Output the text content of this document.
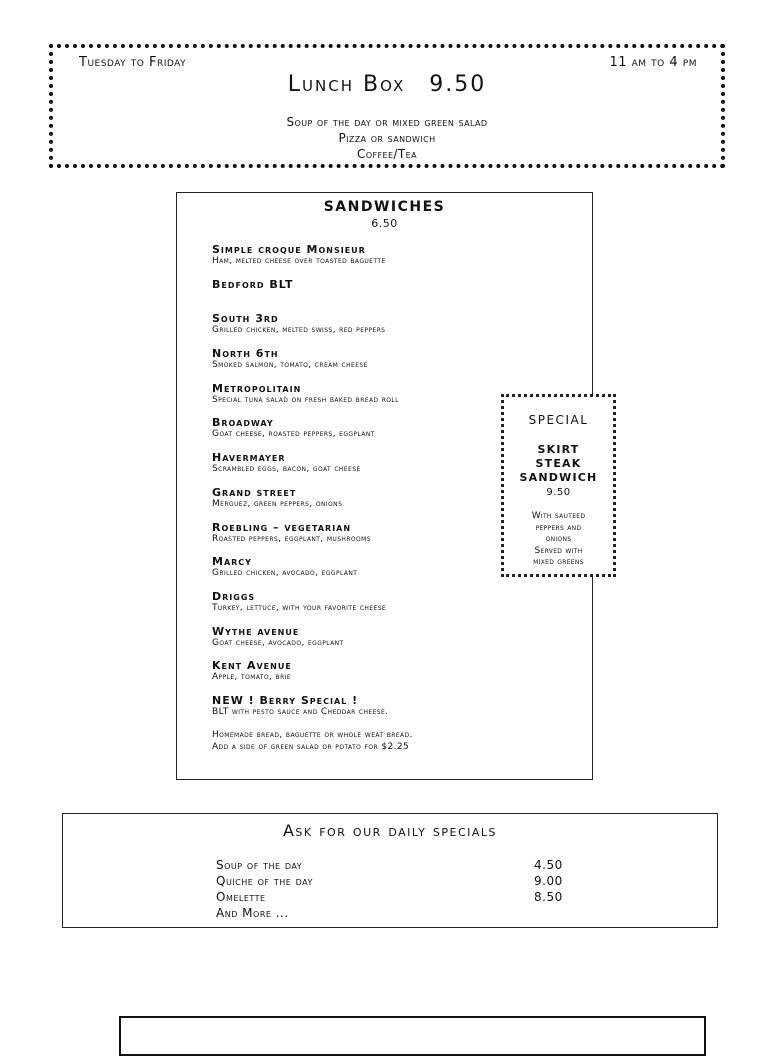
Tuesday to Friday	11 am to 4 pm
Lunch Box 9.50
Soup of the day or mixed green salad
Pizza or sandwich
Coffee/Tea
SANDWICHES
6.50
Simple croque Monsieur
Ham, melted cheese over toasted baguette
Bedford BLT
South 3rd
Grilled chicken, melted swiss, red peppers
North 6th
Smoked salmon, tomato, cream cheese
Metropolitain
Special tuna salad on fresh baked bread roll
Broadway
Goat cheese, roasted peppers, eggplant
Havermayer
Scrambled eggs, bacon, goat cheese
Grand street
Merguez, green peppers, onions
Roebling – vegetarian
Roasted peppers, eggplant, mushrooms
Marcy
Grilled chicken, avocado, eggplant
Driggs
Turkey, lettuce, with your favorite cheese
Wythe avenue
Goat cheese, avocado, eggplant
Kent Avenue
Apple, tomato, brie
NEW ! Berry Special !
BLT with pesto sauce and Cheddar cheese.
Homemade bread, baguette or whole weat bread.
Add a side of green salad or potato for $2.25
SPECIAL
SKIRT
STEAK
SANDWICH
9.50
With sauteed
peppers and
onions
Served with
mixed greens
Ask for our daily specials
Soup of the day	4.50
Quiche of the day	9.00
Omelette	8.50
And More ...
